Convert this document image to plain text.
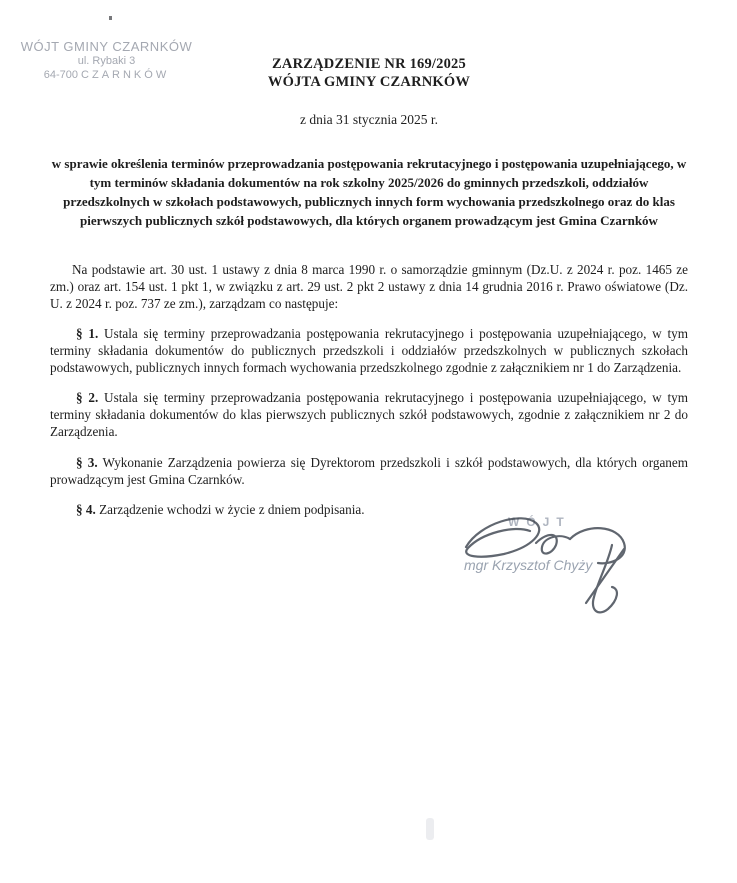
WÓJT GMINY CZARNKÓW
ul. Rybaki 3
64-700 CZARNKÓW
ZARZĄDZENIE NR 169/2025
WÓJTA GMINY CZARNKÓW
z dnia 31 stycznia 2025 r.
w sprawie określenia terminów przeprowadzania postępowania rekrutacyjnego i postępowania uzupełniającego, w tym terminów składania dokumentów na rok szkolny 2025/2026 do gminnych przedszkoli, oddziałów przedszkolnych w szkołach podstawowych, publicznych innych form wychowania przedszkolnego oraz do klas pierwszych publicznych szkół podstawowych, dla których organem prowadzącym jest Gmina Czarnków

Na podstawie art. 30 ust. 1 ustawy z dnia 8 marca 1990 r. o samorządzie gminnym (Dz.U. z 2024 r. poz. 1465 ze zm.) oraz art. 154 ust. 1 pkt 1, w związku z art. 29 ust. 2 pkt 2 ustawy z dnia 14 grudnia 2016 r. Prawo oświatowe (Dz. U. z 2024 r. poz. 737 ze zm.), zarządzam co następuje:

§ 1. Ustala się terminy przeprowadzania postępowania rekrutacyjnego i postępowania uzupełniającego, w tym terminy składania dokumentów do publicznych przedszkoli i oddziałów przedszkolnych w publicznych szkołach podstawowych, publicznych innych formach wychowania przedszkolnego zgodnie z załącznikiem nr 1 do Zarządzenia.

§ 2. Ustala się terminy przeprowadzania postępowania rekrutacyjnego i postępowania uzupełniającego, w tym terminy składania dokumentów do klas pierwszych publicznych szkół podstawowych, zgodnie z załącznikiem nr 2 do Zarządzenia.

§ 3. Wykonanie Zarządzenia powierza się Dyrektorom przedszkoli i szkół podstawowych, dla których organem prowadzącym jest Gmina Czarnków.

§ 4. Zarządzenie wchodzi w życie z dniem podpisania.

WÓJT
mgr Krzysztof Chyży
